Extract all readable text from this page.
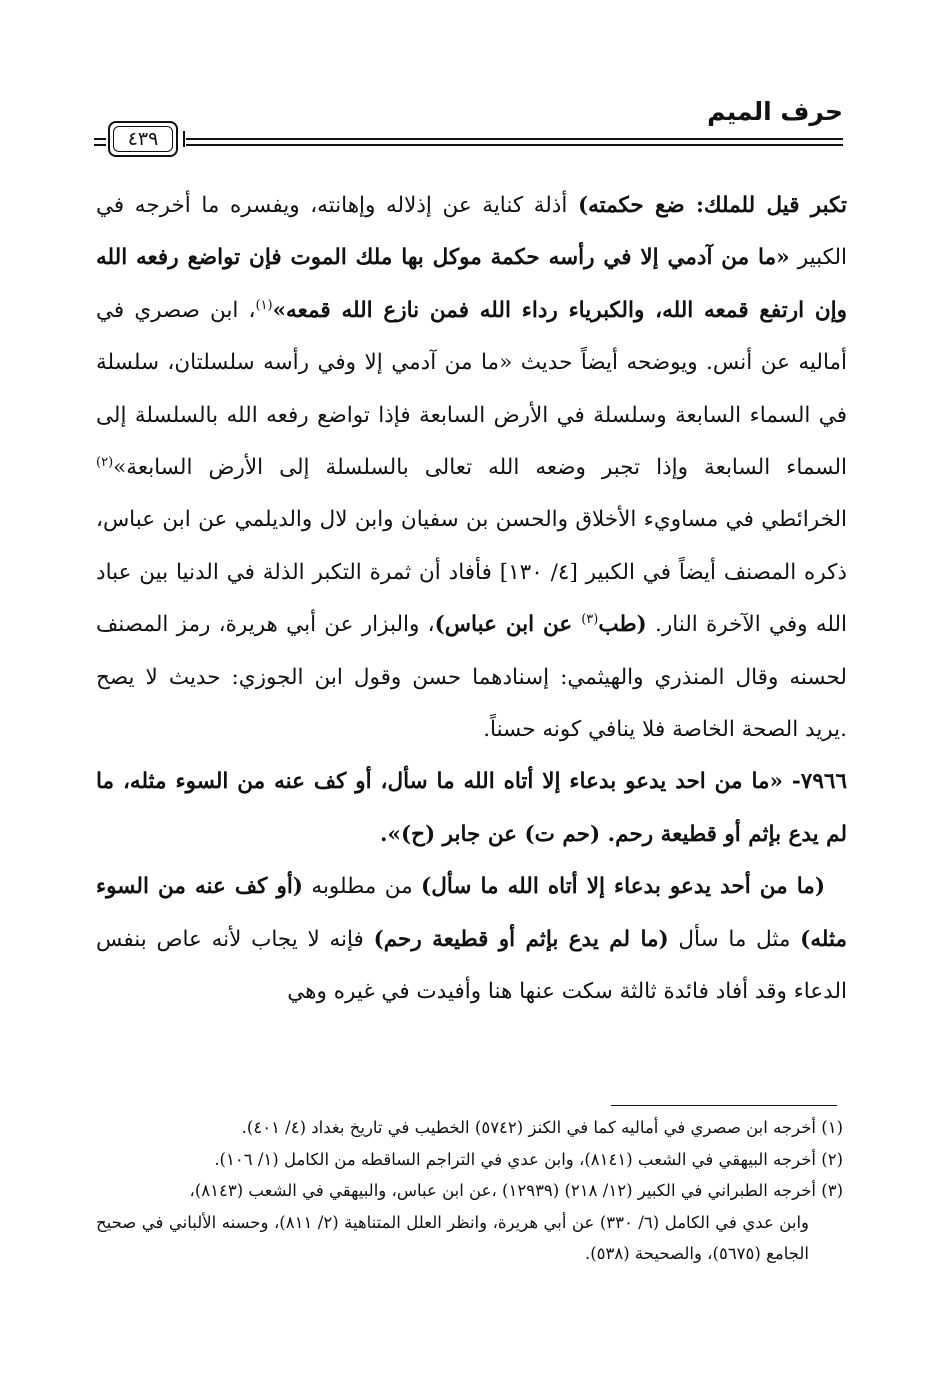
حرف الميم
٤٣٩

تكبر قيل للملك: ضع حكمته) أذلة كناية عن إذلاله وإهانته، ويفسره ما أخرجه في الكبير «ما من آدمي إلا في رأسه حكمة موكل بها ملك الموت فإن تواضع رفعه الله وإن ارتفع قمعه الله، والكبرياء رداء الله فمن نازع الله قمعه»$^{(١)}$، ابن صصري في أماليه عن أنس. ويوضحه أيضاً حديث «ما من آدمي إلا وفي رأسه سلسلتان، سلسلة في السماء السابعة وسلسلة في الأرض السابعة فإذا تواضع رفعه الله بالسلسلة إلى السماء السابعة وإذا تجبر وضعه الله تعالى بالسلسلة إلى الأرض السابعة»$^{(٢)}$ الخرائطي في مساويء الأخلاق والحسن بن سفيان وابن لال والديلمي عن ابن عباس، ذكره المصنف أيضاً في الكبير [٤/ ١٣٠] فأفاد أن ثمرة التكبر الذلة في الدنيا بين عباد الله وفي الآخرة النار. (طب$^{(٣)}$ عن ابن عباس)، والبزار عن أبي هريرة، رمز المصنف لحسنه وقال المنذري والهيثمي: إسنادهما حسن وقول ابن الجوزي: حديث لا يصح .يريد الصحة الخاصة فلا ينافي كونه حسناً.

٧٩٦٦- «ما من احد يدعو بدعاء إلا أتاه الله ما سأل، أو كف عنه من السوء مثله، ما لم يدع بإثم أو قطيعة رحم. (حم ت) عن جابر (ح)».

(ما من أحد يدعو بدعاء إلا أتاه الله ما سأل) من مطلوبه (أو كف عنه من السوء مثله) مثل ما سأل (ما لم يدع بإثم أو قطيعة رحم) فإنه لا يجاب لأنه عاص بنفس الدعاء وقد أفاد فائدة ثالثة سكت عنها هنا وأفيدت في غيره وهي

(١) أخرجه ابن صصري في أماليه كما في الكنز (٥٧٤٢) الخطيب في تاريخ بغداد (٤/ ٤٠١).

(٢) أخرجه البيهقي في الشعب (٨١٤١)، وابن عدي في التراجم الساقطه من الكامل (١/ ١٠٦).

(٣) أخرجه الطبراني في الكبير (١٢/ ٢١٨) (١٢٩٣٩) ،عن ابن عباس، والبيهقي في الشعب (٨١٤٣)،

وابن عدي في الكامل (٦/ ٣٣٠) عن أبي هريرة، وانظر العلل المتناهية (٢/ ٨١١)، وحسنه الألباني في صحيح الجامع (٥٦٧٥)، والصحيحة (٥٣٨).
